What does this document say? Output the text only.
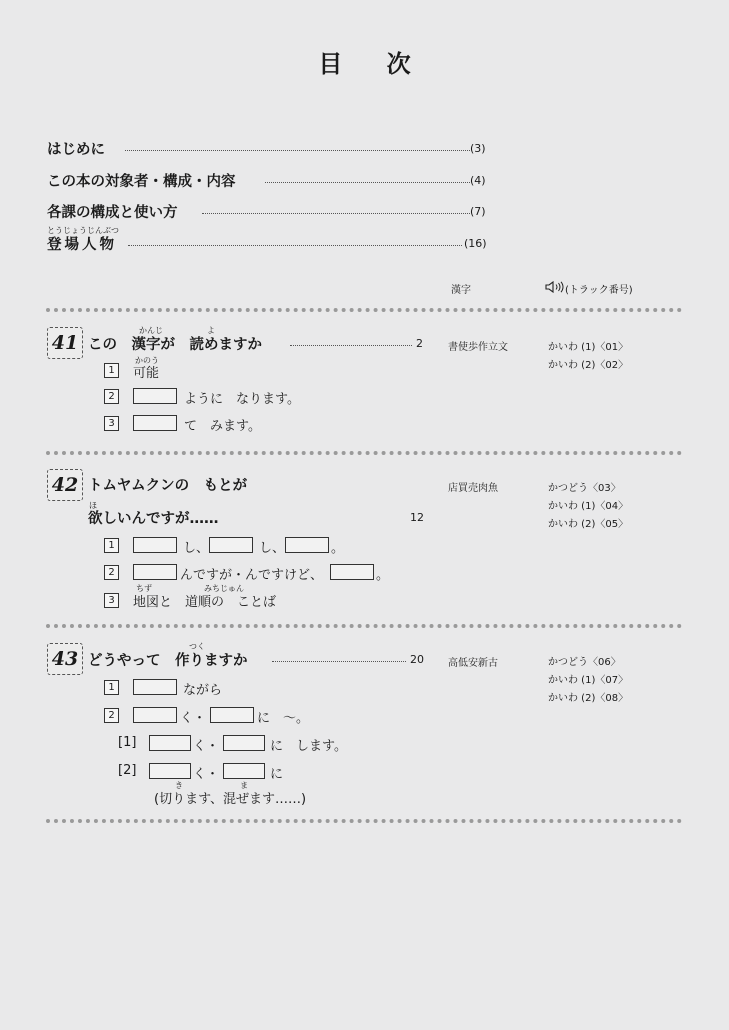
目 次
はじめに	(3)
この本の対象者・構成・内容	(4)
各課の構成と使い方	(7)
とうじょうじんぶつ
登場人物	(16)
漢字	(トラック番号)
41
かんじ	よ
この　漢字が　読めますか	2	書使歩作立文	かいわ (1)〈01〉
かいわ (2)〈02〉
1
かのう
可能
2	ように　なります。
3	て　みます。
42 トムヤムクンの　もとが
ほ
欲しいんですが……	12
店買売肉魚	かつどう〈03〉
かいわ (1)〈04〉
かいわ (2)〈05〉
1	し、	し、	。
2	んですが・んですけど、	。
3
ちず	みちじゅん
地図と　道順の　ことば
43
つく
どうやって　作りますか	20 高低安新古	かつどう〈06〉
かいわ (1)〈07〉
かいわ (2)〈08〉
1	ながら
2	く・	に　〜。
[1]	く・	に　します。
[2]	く・	に
き	ま
(切ります、混ぜます……)
